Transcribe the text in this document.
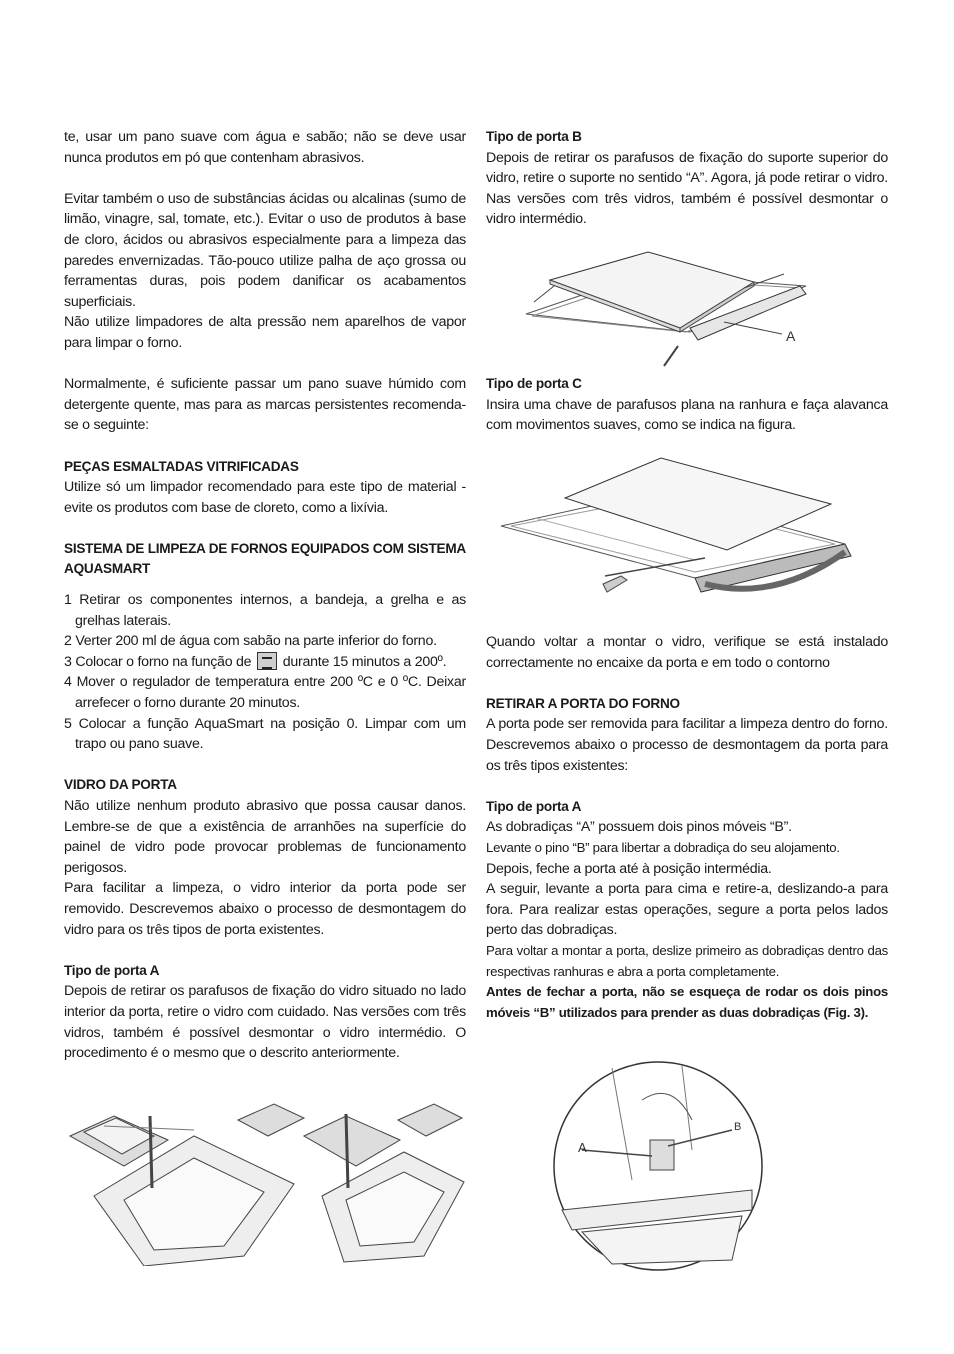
te, usar um pano suave com água e sabão; não se deve usar nunca produtos em pó que contenham abrasivos.

Evitar também o uso de substâncias ácidas ou alcalinas (sumo de limão, vinagre, sal, tomate, etc.). Evitar o uso de produtos à base de cloro, ácidos ou abrasivos especialmente para a limpeza das paredes envernizadas. Tão-pouco utilize palha de aço grossa ou ferramentas duras, pois podem danificar os acabamentos superficiais.

Não utilize limpadores de alta pressão nem aparelhos de vapor para limpar o forno.

Normalmente, é suficiente passar um pano suave húmido com detergente quente, mas para as marcas persistentes recomenda-se o seguinte:

PEÇAS ESMALTADAS VITRIFICADAS

Utilize só um limpador recomendado para este tipo de material - evite os produtos com base de cloreto, como a lixívia.

SISTEMA DE LIMPEZA DE FORNOS EQUIPADOS COM SISTEMA AQUASMART

1 Retirar os componentes internos, a bandeja, a grelha e as grelhas laterais.
2 Verter 200 ml de água com sabão na parte inferior do forno.
3 Colocar o forno na função de durante 15 minutos a 200º.
4 Mover o regulador de temperatura entre 200 ºC e 0 ºC. Deixar arrefecer o forno durante 20 minutos.
5 Colocar a função AquaSmart na posição 0. Limpar com um trapo ou pano suave.

VIDRO DA PORTA

Não utilize nenhum produto abrasivo que possa causar danos. Lembre-se de que a existência de arranhões na superfície do painel de vidro pode provocar problemas de funcionamento perigosos.

Para facilitar a limpeza, o vidro interior da porta pode ser removido. Descrevemos abaixo o processo de desmontagem do vidro para os três tipos de porta existentes.

Tipo de porta A

Depois de retirar os parafusos de fixação do vidro situado no lado interior da porta, retire o vidro com cuidado. Nas versões com três vidros, também é possível desmontar o vidro intermédio. O procedimento é o mesmo que o descrito anteriormente.

Tipo de porta B

Depois de retirar os parafusos de fixação do suporte superior do vidro, retire o suporte no sentido “A”. Agora, já pode retirar o vidro. Nas versões com três vidros, também é possível desmontar o vidro intermédio.

Tipo de porta C

Insira uma chave de parafusos plana na ranhura e faça alavanca com movimentos suaves, como se indica na figura.

Quando voltar a montar o vidro, verifique se está instalado correctamente no encaixe da porta e em todo o contorno

RETIRAR A PORTA DO FORNO

A porta pode ser removida para facilitar a limpeza dentro do forno. Descrevemos abaixo o processo de desmontagem da porta para os três tipos existentes:

Tipo de porta A

As dobradiças “A” possuem dois pinos móveis “B”.

Levante o pino “B” para libertar a dobradiça do seu alojamento.

Depois, feche a porta até à posição intermédia.

A seguir, levante a porta para cima e retire-a, deslizando-a para fora. Para realizar estas operações, segure a porta pelos lados perto das dobradiças.

Para voltar a montar a porta, deslize primeiro as dobradiças dentro das respectivas ranhuras e abra a porta completamente.

Antes de fechar a porta, não se esqueça de rodar os dois pinos móveis “B” utilizados para prender as duas dobradiças (Fig. 3).

A
A
B
